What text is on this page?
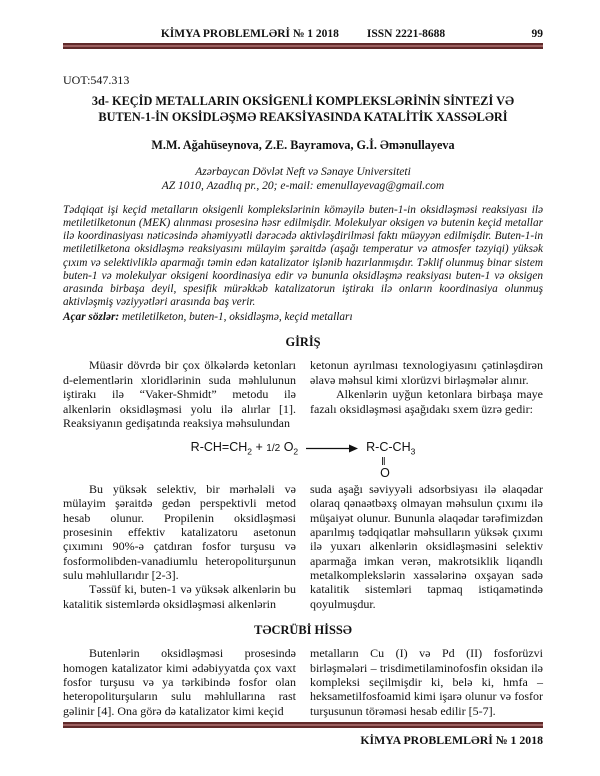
KİMYA PROBLEMLƏRİ № 1 2018 ISSN 2221-8688	99
UOT:547.313
3d- KEÇİD METALLARIN OKSİGENLİ KOMPLEKSLƏRİNİN SİNTEZİ VƏ
BUTEN-1-İN OKSİDLƏŞMƏ REAKSİYASINDA KATALİTİK XASSƏLƏRİ
M.M. Ağahüseynova, Z.E. Bayramova, G.İ. Əmənullayeva
Azərbaycan Dövlət Neft və Sənaye Universiteti
AZ 1010, Azadlıq pr., 20; e-mail: emenullayevag@gmail.com
Tədqiqat işi keçid metalların oksigenli komplekslərinin köməyilə buten-1-in oksidləşməsi reaksiyası ilə metiletilketonun (MEK) alınması prosesinə həsr edilmişdir. Molekulyar oksigen və butenin keçid metallar ilə koordinasiyası nəticəsində əhəmiyyətli dərəcədə aktivləşdirilməsi faktı müəyyən edilmişdir. Buten-1-in metiletilketona oksidləşmə reaksiyasını mülayim şəraitdə (aşağı temperatur və atmosfer təzyiqi) yüksək çıxım və selektivliklə aparmağı təmin edən katalizator işlənib hazırlanmışdır. Təklif olunmuş binar sistem buten-1 və molekulyar oksigeni koordinasiya edir və bununla oksidləşmə reaksiyası buten-1 və oksigen arasında birbaşa deyil, spesifik mürəkkəb katalizatorun iştirakı ilə onların koordinasiya olunmuş aktivləşmiş vəziyyətləri arasında baş verir.
Açar sözlər: metiletilketon, buten-1, oksidləşmə, keçid metalları
GİRİŞ

Müasir dövrdə bir çox ölkələrdə ketonları d-elementlərin xloridlərinin suda məhlulunun iştirakı ilə “Vaker-Shmidt” metodu ilə alkenlərin oksidləşməsi yolu ilə alırlar [1]. Reaksiyanın gedişatında reaksiya məhsulundan

ketonun ayrılması texnologiyasını çətinləşdirən əlavə məhsul kimi xlorüzvi birləşmələr alınır.

Alkenlərin uyğun ketonlara birbaşa maye fazalı oksidləşməsi aşağıdakı sxem üzrə gedir:

$R-CH=CH_2 + 1/2$ $O_2$	$R-C-CH_3$
‖
O

Bu yüksək selektiv, bir mərhələli və mülayim şəraitdə gedən perspektivli metod hesab olunur. Propilenin oksidləşməsi prosesinin effektiv katalizatoru asetonun çıxımını 90%-ə çatdıran fosfor turşusu və fosformolibden-vanadiumlu heteropoliturşunun sulu məhlullarıdır [2-3].

Təssüf ki, buten-1 və yüksək alkenlərin bu katalitik sistemlərdə oksidləşməsi alkenlərin

suda aşağı səviyyəli adsorbsiyası ilə əlaqədar olaraq qənaətbəxş olmayan məhsulun çıxımı ilə müşaiyət olunur. Bununla əlaqədar tərəfimizdən aparılmış tədqiqatlar məhsulların yüksək çıxımı ilə yuxarı alkenlərin oksidləşməsini selektiv aparmağa imkan verən, makrotsiklik liqandlı metalkomplekslərin xassələrinə oxşayan sadə katalitik sistemləri tapmaq istiqamətində qoyulmuşdur.

TƏCRÜBİ HİSSƏ

Butenlərin oksidləşməsi prosesində homogen katalizator kimi ədəbiyyatda çox vaxt fosfor turşusu və ya tərkibində fosfor olan heteropoliturşuların sulu məhlullarına rast gəlinir [4]. Ona görə də katalizator kimi keçid

metalların Cu (I) və Pd (II) fosforüzvi birləşmələri – trisdimetilaminofosfin oksidan ilə kompleksi seçilmişdir ki, belə ki, hmfa – heksametilfosfoamid kimi işarə olunur və fosfor turşusunun törəməsi hesab edilir [5-7].

KİMYA PROBLEMLƏRİ № 1 2018
